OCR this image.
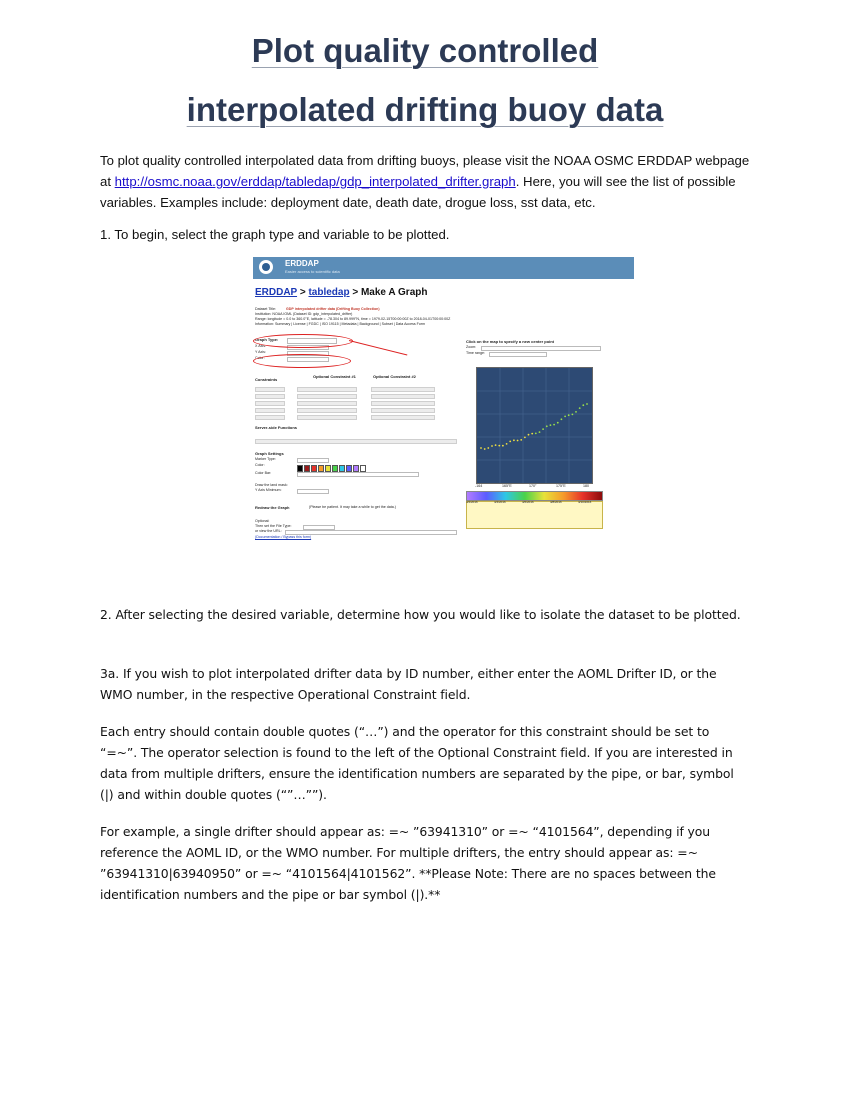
Plot quality controlled
interpolated drifting buoy data

To plot quality controlled interpolated data from drifting buoys, please visit the NOAA OSMC ERDDAP webpage at http://osmc.noaa.gov/erddap/tabledap/gdp_interpolated_drifter.graph. Here, you will see the list of possible variables. Examples include: deployment date, death date, drogue loss, sst data, etc.

1. To begin, select the graph type and variable to be plotted.

ERDDAP
Easier access to scientific data
ERDDAP > tabledap > Make A Graph
Dataset Title:	GDP interpolated drifter data (Drifting Buoy Collection)
Institution: NOAA IOML (Dataset ID: gdp_interpolated_drifter)
Range: longitude = 0.0 to 360.0°E, latitude = -78.304 to 89.999°N, time = 1979-02-15T00:00:00Z to 2018-04-01T00:00:00Z
Information: Summary | License | FGDC | ISO 19115 | Metadata | Background | Subset | Data Access Form
Graph Type:
X Axis:
Y Axis:
Color:
Constraints
Optional Constraint #1	Optional Constraint #2
Server-side Functions
Graph Settings
Marker Type:
Color:
Color Bar:
Draw the land mask:
Y Axis Minimum:
Redraw the Graph	(Please be patient. It may take a while to get the data.)
Optional:
Then set the File Type:
or view the URL:
(Documentation / Bypass this form)
Click on the map to specify a new center point
Zoom:
Time range:
-164	165°E	170°	175°E	180
4/2/2016	4/4/2016	4/6/2016	4/8/2016	4/10/2016

2. After selecting the desired variable, determine how you would like to isolate the dataset to be plotted.

3a. If you wish to plot interpolated drifter data by ID number, either enter the AOML Drifter ID, or the WMO number, in the respective Operational Constraint field.

Each entry should contain double quotes (“…”) and the operator for this constraint should be set to “=~”. The operator selection is found to the left of the Optional Constraint field. If you are interested in data from multiple drifters, ensure the identification numbers are separated by the pipe, or bar, symbol (|) and within double quotes (“”…””).

For example, a single drifter should appear as: =~ ”63941310” or =~ “4101564”, depending if you reference the AOML ID, or the WMO number. For multiple drifters, the entry should appear as: =~ ”63941310|63940950” or =~ “4101564|4101562”. **Please Note: There are no spaces between the identification numbers and the pipe or bar symbol (|).**
